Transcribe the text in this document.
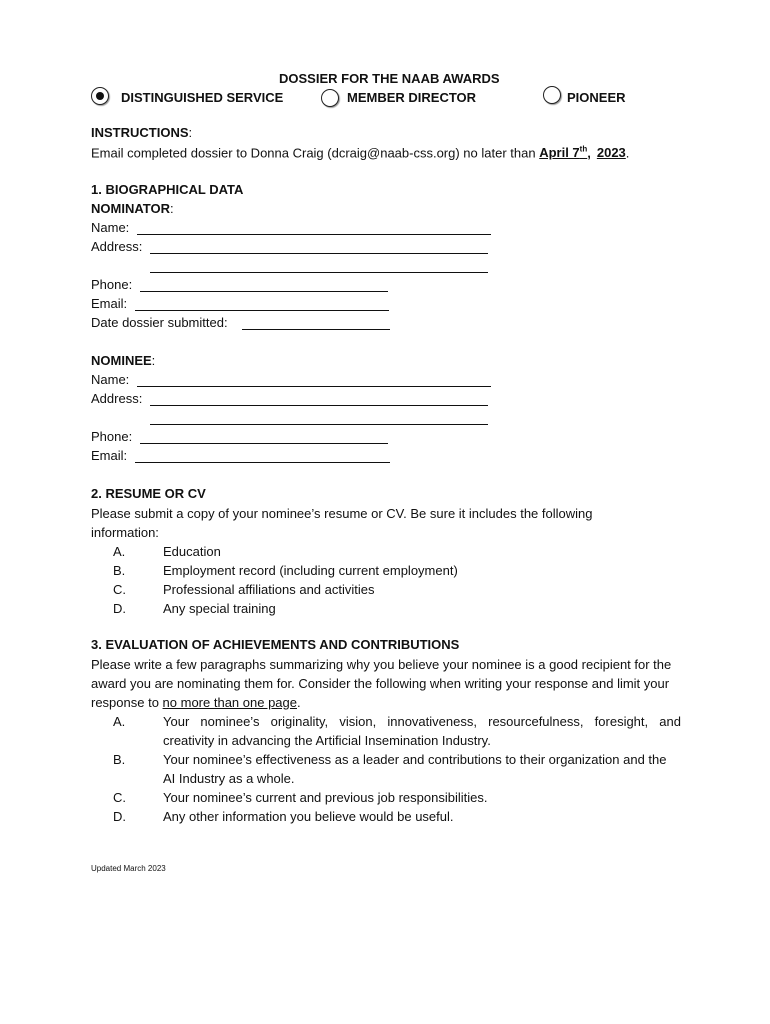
DOSSIER FOR THE NAAB AWARDS
DISTINGUISHED SERVICE	MEMBER DIRECTOR	PIONEER
INSTRUCTIONS:
Email completed dossier to Donna Craig (dcraig@naab-css.org) no later than April 7th, 2023.
1. BIOGRAPHICAL DATA
NOMINATOR:
Name:
Address:
Phone:
Email:
Date dossier submitted:
NOMINEE:
Name:
Address:
Phone:
Email:
2. RESUME OR CV
Please submit a copy of your nominee’s resume or CV. Be sure it includes the following information:
A.	Education
B.	Employment record (including current employment)
C.	Professional affiliations and activities
D.	Any special training
3. EVALUATION OF ACHIEVEMENTS AND CONTRIBUTIONS
Please write a few paragraphs summarizing why you believe your nominee is a good recipient for the award you are nominating them for. Consider the following when writing your response and limit your response to no more than one page.
A.	Your nominee’s originality, vision, innovativeness, resourcefulness, foresight, and creativity in advancing the Artificial Insemination Industry.
B.	Your nominee’s effectiveness as a leader and contributions to their organization and the AI Industry as a whole.
C.	Your nominee’s current and previous job responsibilities.
D.	Any other information you believe would be useful.
Updated March 2023
